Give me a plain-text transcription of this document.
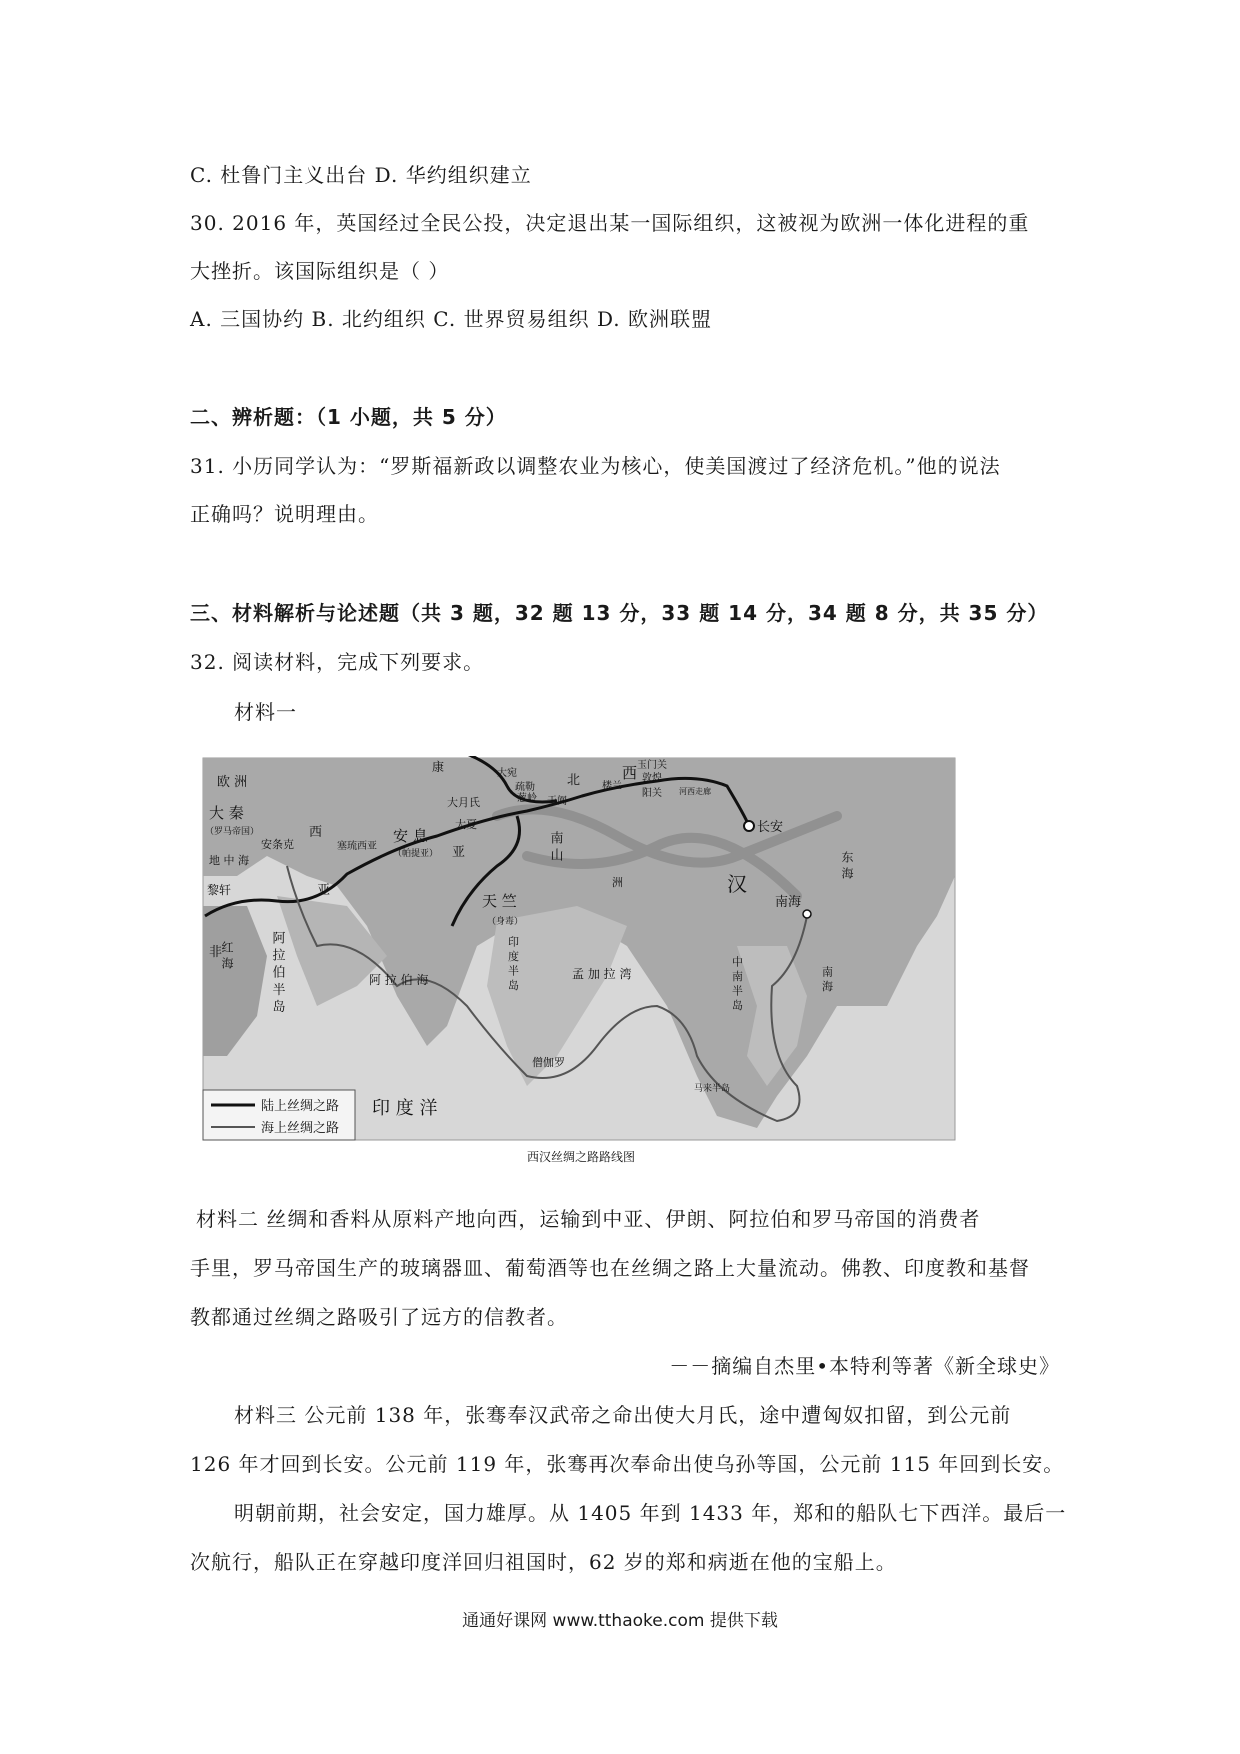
C. 杜鲁门主义出台 D. 华约组织建立
30. 2016 年，英国经过全民公投，决定退出某一国际组织，这被视为欧洲一体化进程的重
大挫折。该国际组织是（ ）
A. 三国协约 B. 北约组织 C. 世界贸易组织 D. 欧洲联盟
二、辨析题：（1 小题，共 5 分）
31. 小历同学认为：“罗斯福新政以调整农业为核心，使美国渡过了经济危机。”他的说法
正确吗？说明理由。
三、材料解析与论述题（共 3 题，32 题 13 分，33 题 14 分，34 题 8 分，共 35 分）
32. 阅读材料，完成下列要求。
材料一
欧 洲
大 秦
（罗马帝国）
地 中 海
黎轩
安条克
西
亚
阿 拉 伯 半 岛
红 海
非
塞琉西亚
安 息
（帕提亚） 亚
大月氏
大夏
大宛
康
葱岭
疏勒
于阗
楼兰
敦煌
阳关
玉门关
河西走廊
长安
西
北
南 山
洲	汉
南海
东 海
天 竺
（身毒）
印 度 半 岛
阿 拉 伯 海	孟 加 拉 湾
僧伽罗
中 南 半 岛	南 海
马来半岛
印 度 洋
陆上丝绸之路
海上丝绸之路
西汉丝绸之路路线图
材料二 丝绸和香料从原料产地向西，运输到中亚、伊朗、阿拉伯和罗马帝国的消费者
手里，罗马帝国生产的玻璃器皿、葡萄酒等也在丝绸之路上大量流动。佛教、印度教和基督
教都通过丝绸之路吸引了远方的信教者。
－－摘编自杰里•本特利等著《新全球史》
材料三 公元前 138 年，张骞奉汉武帝之命出使大月氏，途中遭匈奴扣留，到公元前
126 年才回到长安。公元前 119 年，张骞再次奉命出使乌孙等国，公元前 115 年回到长安。
明朝前期，社会安定，国力雄厚。从 1405 年到 1433 年，郑和的船队七下西洋。最后一
次航行，船队正在穿越印度洋回归祖国时，62 岁的郑和病逝在他的宝船上。
通通好课网 www.tthaoke.com 提供下载
